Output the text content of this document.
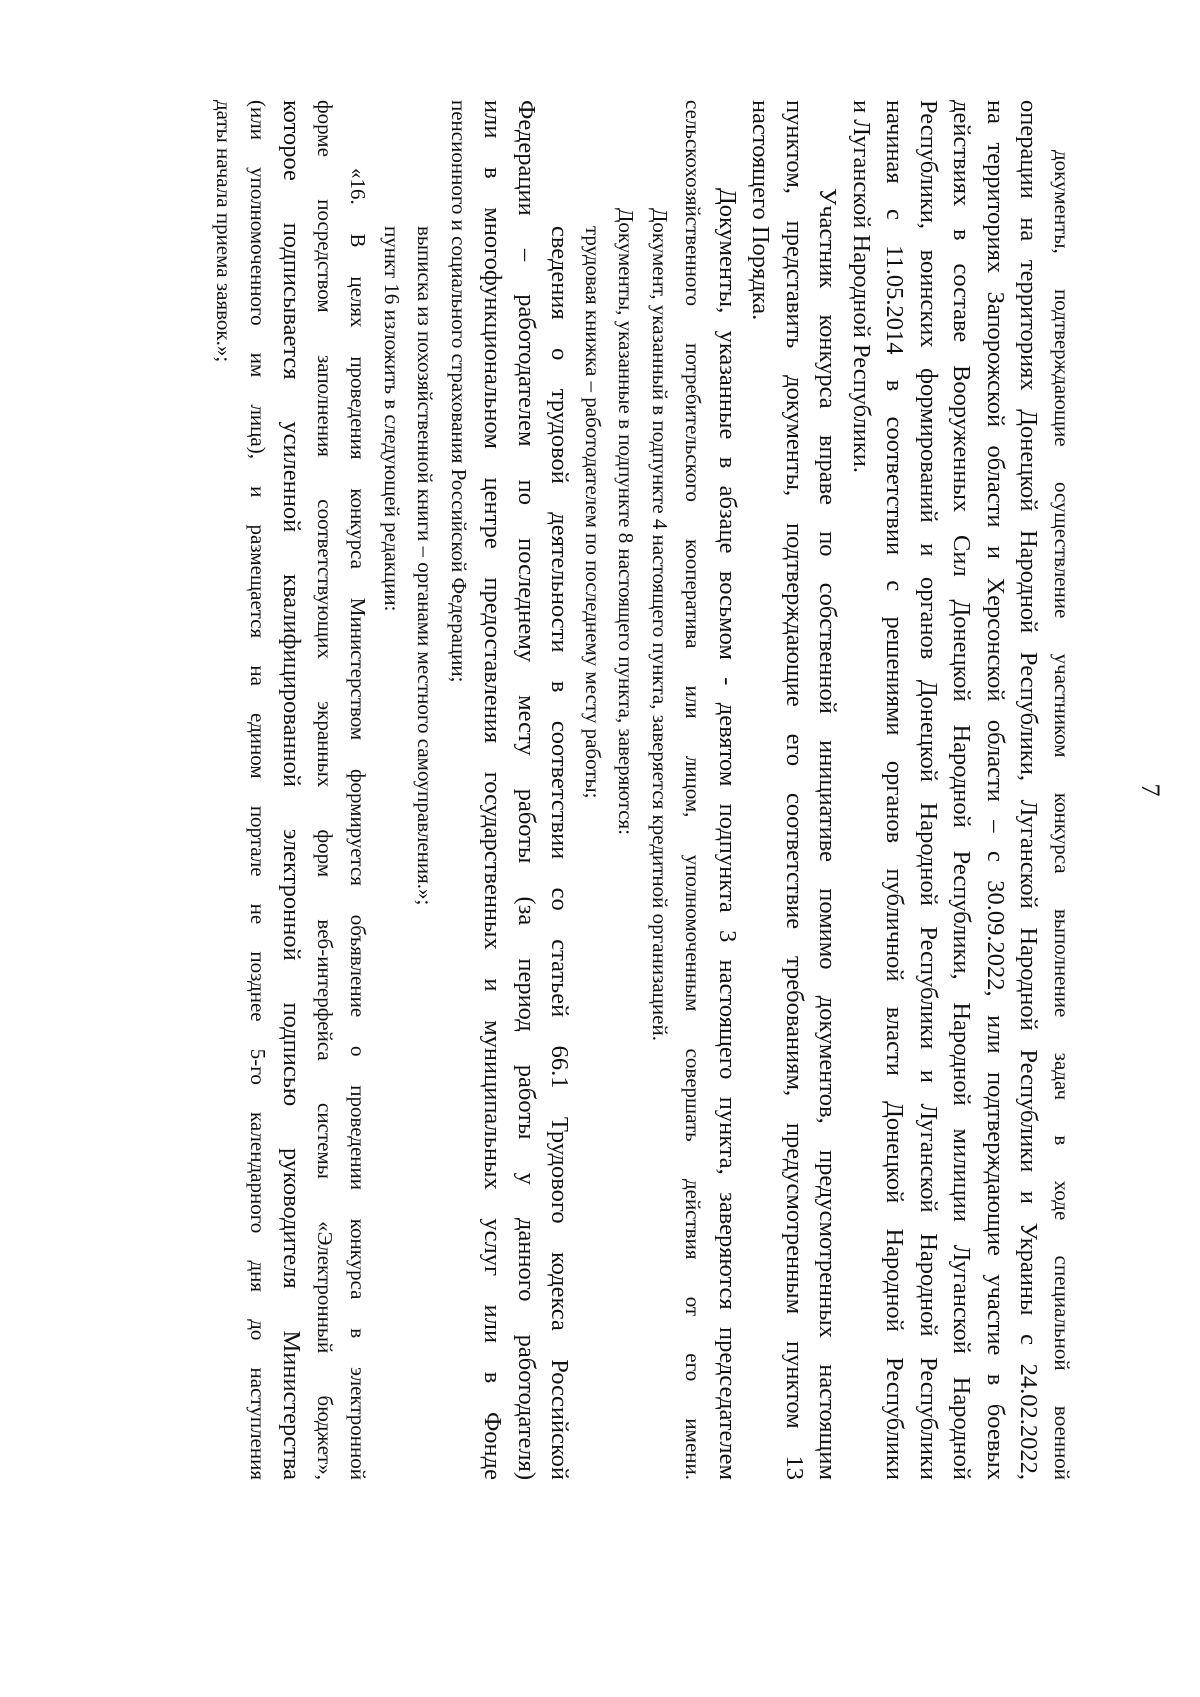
7
документы, подтверждающие осуществление участником конкурса выполнение задач в ходе специальной военной
операции на территориях Донецкой Народной Республики, Луганской Народной Республики и Украины с 24.02.2022,
на территориях Запорожской области и Херсонской области – с 30.09.2022, или подтверждающие участие в боевых
действиях в составе Вооруженных Сил Донецкой Народной Республики, Народной милиции Луганской Народной
Республики, воинских формирований и органов Донецкой Народной Республики и Луганской Народной Республики
начиная с 11.05.2014 в соответствии с решениями органов публичной власти Донецкой Народной Республики
и Луганской Народной Республики.
Участник конкурса вправе по собственной инициативе помимо документов, предусмотренных настоящим
пунктом, представить документы, подтверждающие его соответствие требованиям, предусмотренным пунктом 13
настоящего Порядка.
Документы, указанные в абзаце восьмом - девятом подпункта 3 настоящего пункта, заверяются председателем
сельскохозяйственного потребительского кооператива или лицом, уполномоченным совершать действия от его имени.
Документ, указанный в подпункте 4 настоящего пункта, заверяется кредитной организацией.
Документы, указанные в подпункте 8 настоящего пункта, заверяются:
трудовая книжка – работодателем по последнему месту работы;
сведения о трудовой деятельности в соответствии со статьей 66.1 Трудового кодекса Российской
Федерации – работодателем по последнему месту работы (за период работы у данного работодателя)
или в многофункциональном центре предоставления государственных и муниципальных услуг или в Фонде
пенсионного и социального страхования Российской Федерации;
выписка из похозяйственной книги – органами местного самоуправления.»;
пункт 16 изложить в следующей редакции:
«16. В целях проведения конкурса Министерством формируется объявление о проведении конкурса в электронной
форме посредством заполнения соответствующих экранных форм веб-интерфейса системы «Электронный бюджет»,
которое подписывается усиленной квалифицированной электронной подписью руководителя Министерства
(или уполномоченного им лица), и размещается на едином портале не позднее 5-го календарного дня до наступления
даты начала приема заявок.»;
